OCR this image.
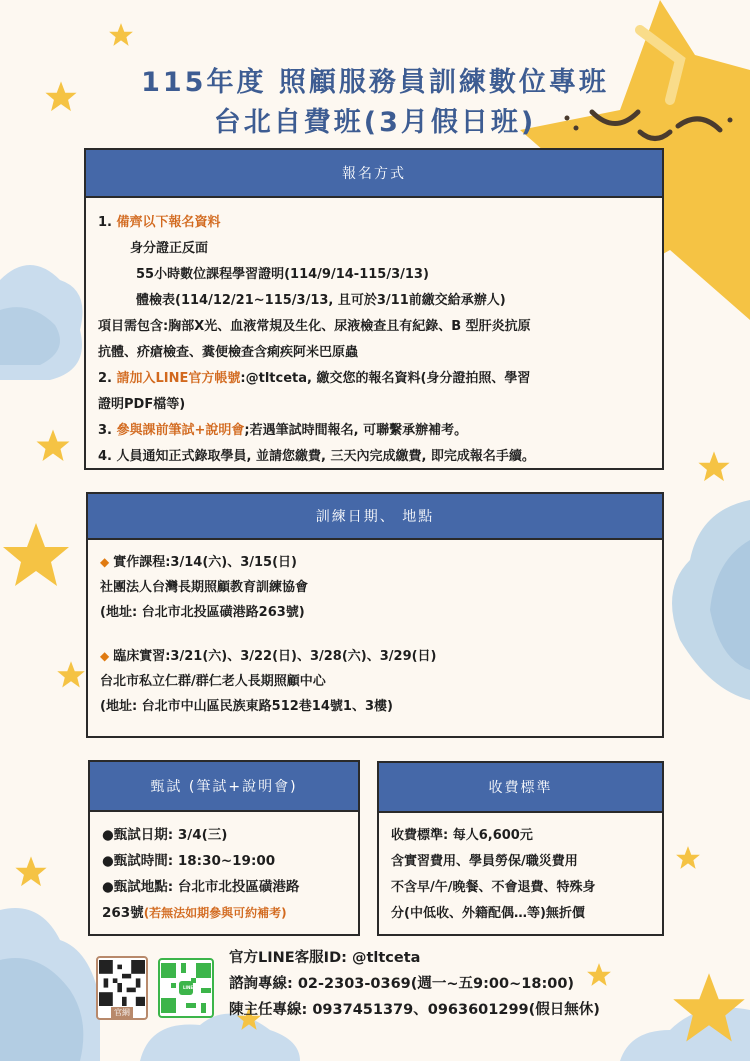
115年度 照顧服務員訓練數位專班
台北自費班(3月假日班)
報名方式
1. 備齊以下報名資料
身分證正反面
55小時數位課程學習證明(114/9/14-115/3/13)
體檢表(114/12/21~115/3/13, 且可於3/11前繳交給承辦人)
項目需包含:胸部X光、血液常規及生化、尿液檢查且有紀錄、B 型肝炎抗原
抗體、疥瘡檢查、糞便檢查含痢疾阿米巴原蟲
2. 請加入LINE官方帳號:@tltceta, 繳交您的報名資料(身分證拍照、學習
證明PDF檔等)
3. 參與課前筆試+說明會;若遇筆試時間報名, 可聯繫承辦補考。
4. 人員通知正式錄取學員, 並請您繳費, 三天內完成繳費, 即完成報名手續。
訓練日期、 地點
◆ 實作課程:3/14(六)、3/15(日)
社團法人台灣長期照顧教育訓練協會
(地址: 台北市北投區磺港路263號)
◆ 臨床實習:3/21(六)、3/22(日)、3/28(六)、3/29(日)
台北市私立仁群/群仁老人長期照顧中心
(地址: 台北市中山區民族東路512巷14號1、3樓)
甄試 (筆試+說明會)
●甄試日期: 3/4(三)
●甄試時間: 18:30~19:00
●甄試地點: 台北市北投區磺港路
263號(若無法如期參與可約補考)
收費標準
收費標準: 每人6,600元
含實習費用、學員勞保/職災費用
不含早/午/晚餐、不會退費、特殊身
分(中低收、外籍配偶…等)無折價
官網
LINE
官方LINE客服ID: @tltceta
諮詢專線: 02-2303-0369(週一~五9:00~18:00)
陳主任專線: 0937451379、0963601299(假日無休)
